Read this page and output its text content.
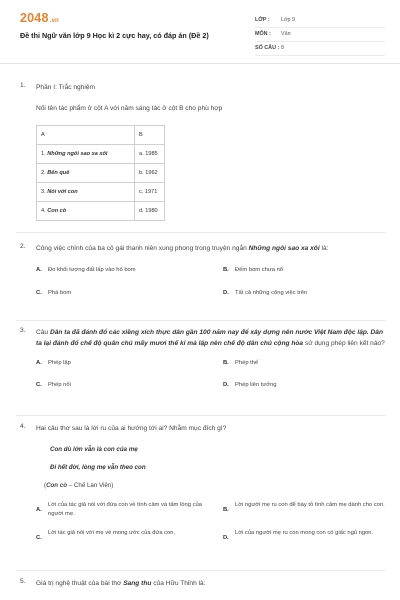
2048.vn
Đề thi Ngữ văn lớp 9 Học kì 2 cực hay, có đáp án (Đề 2)
LỚP : Lớp 9
MÔN : Văn
SỐ CÂU : 8
1. Phần I: Trắc nghiệm
Nối tên tác phẩm ở cột A với năm sáng tác ở cột B cho phù hợp
A	B
1. Những ngôi sao xa xôi	a. 1985
2. Bến quê	b. 1962
3. Nói với con	c. 1971
4. Con cò	d. 1980
2. Công việc chính của ba cô gái thanh niên xung phong trong truyện ngắn Những ngôi sao xa xôi là:
A. Đo khối lượng đất lấp vào hố bom	B. Đếm bom chưa nổ
C. Phá bom	D. Tất cả những công việc trên
3. Câu Dân ta đã đánh đổ các xiềng xích thực dân gần 100 năm nay để xây dựng nên nước Việt Nam độc lập. Dân ta lại đánh đổ chế độ quân chủ mấy mươi thế kỉ mà lập nên chế độ dân chủ cộng hòa sử dụng phép liên kết nào?
A. Phép lặp	B. Phép thế
C. Phép nối	D. Phép liên tưởng
4. Hai câu thơ sau là lời ru của ai hướng tới ai? Nhằm mục đích gì?
Con dù lớn vẫn là con của mẹ
Đi hết đời, lòng mẹ vẫn theo con
(Con cò – Chế Lan Viên)
A.
Lời của tác giả nói với đứa con về tình cảm và tấm lòng của người mẹ.
B.
Lời người mẹ ru con để bày tỏ tình cảm mẹ dành cho con.
C.
Lời tác giả nói với mẹ về mong ước của đứa con.
D.
Lời của người mẹ ru con mong con có giấc ngủ ngon.
5. Giá trị nghệ thuật của bài thơ Sang thu của Hữu Thỉnh là:
